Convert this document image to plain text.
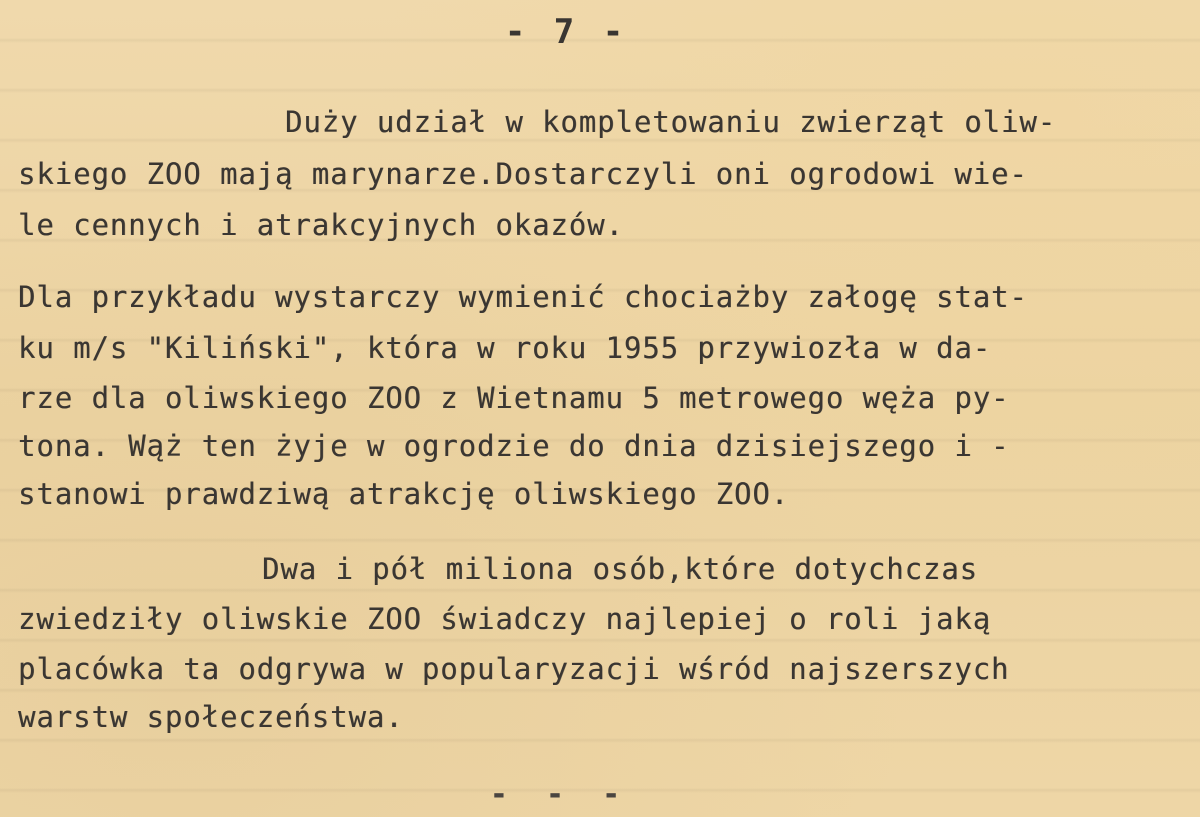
- 7 -
Duży udział w kompletowaniu zwierząt oliw-
skiego ZOO mają marynarze.Dostarczyli oni ogrodowi wie-
le cennych i atrakcyjnych okazów.
Dla przykładu wystarczy wymienić chociażby załogę stat-
ku m/s "Kiliński", która w roku 1955 przywiozła w da-
rze dla oliwskiego ZOO z Wietnamu 5 metrowego węża py-
tona. Wąż ten żyje w ogrodzie do dnia dzisiejszego i -
stanowi prawdziwą atrakcję oliwskiego ZOO.
Dwa i pół miliona osób,które dotychczas
zwiedziły oliwskie ZOO świadczy najlepiej o roli jaką
placówka ta odgrywa w popularyzacji wśród najszerszych
warstw społeczeństwa.
- - -
